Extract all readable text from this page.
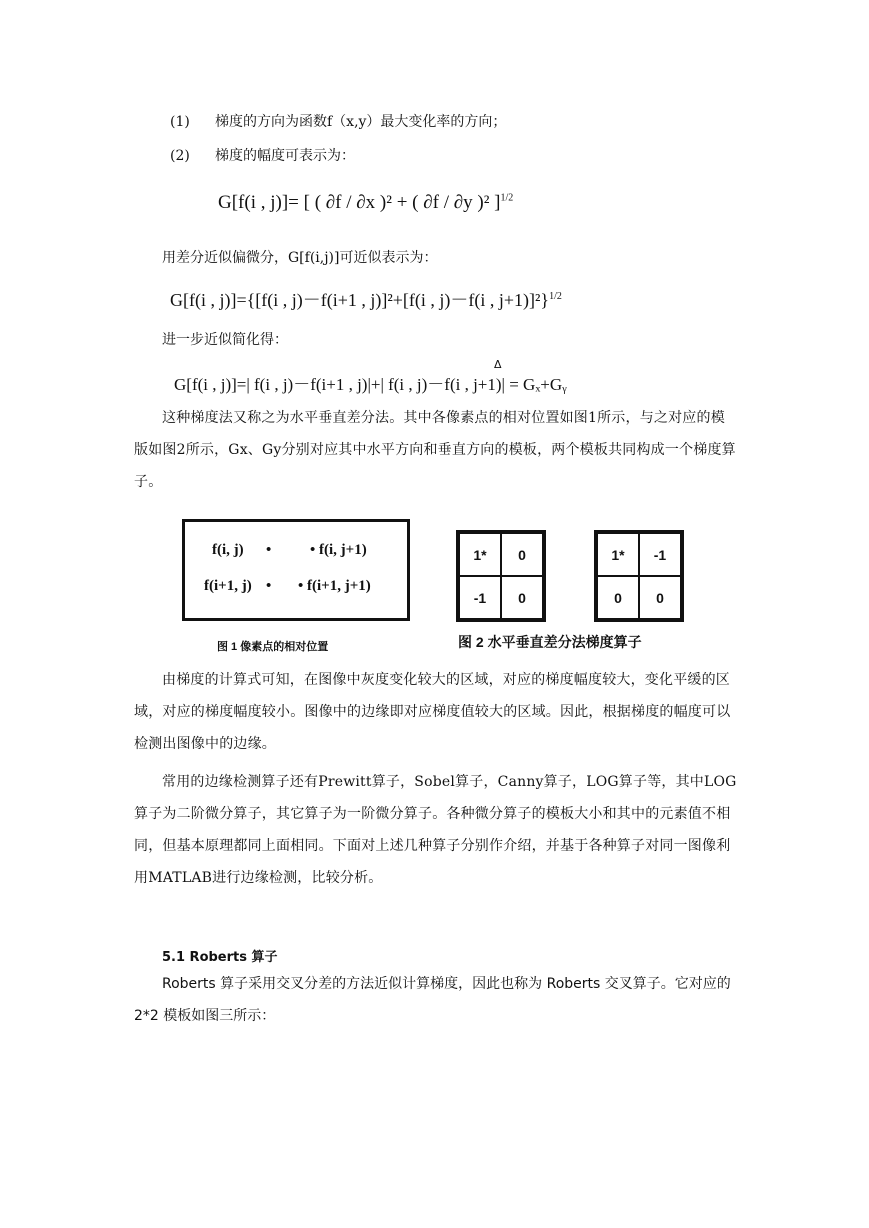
(1) 梯度的方向为函数f（x,y）最大变化率的方向；
(2) 梯度的幅度可表示为：
G[f(i , j)]= [ ( ∂f / ∂x )² + ( ∂f / ∂y )² ]$^{1/2}$
用差分近似偏微分，G[f(i,j)]可近似表示为：
G[f(i , j)]={[f(i , j)－f(i+1 , j)]²+[f(i , j)－f(i , j+1)]²}$^{1/2}$
进一步近似简化得：
Δ
G[f(i , j)]=| f(i , j)－f(i+1 , j)|+| f(i , j)－f(i , j+1)| = Gₓ+Gᵧ
这种梯度法又称之为水平垂直差分法。其中各像素点的相对位置如图1所示，与之对应的模版如图2所示，Gx、Gy分别对应其中水平方向和垂直方向的模板，两个模板共同构成一个梯度算子。
f(i, j) •	• f(i, j+1)
f(i+1, j) • • f(i+1, j+1)
图 1 像素点的相对位置
1*	0
-1	0
1*	-1
0	0
图 2 水平垂直差分法梯度算子
由梯度的计算式可知，在图像中灰度变化较大的区域，对应的梯度幅度较大，变化平缓的区域，对应的梯度幅度较小。图像中的边缘即对应梯度值较大的区域。因此，根据梯度的幅度可以检测出图像中的边缘。
常用的边缘检测算子还有Prewitt算子，Sobel算子，Canny算子，LOG算子等，其中LOG算子为二阶微分算子，其它算子为一阶微分算子。各种微分算子的模板大小和其中的元素值不相同，但基本原理都同上面相同。下面对上述几种算子分别作介绍，并基于各种算子对同一图像利用MATLAB进行边缘检测，比较分析。
5.1 Roberts 算子
Roberts 算子采用交叉分差的方法近似计算梯度，因此也称为 Roberts 交叉算子。它对应的 2*2 模板如图三所示：
